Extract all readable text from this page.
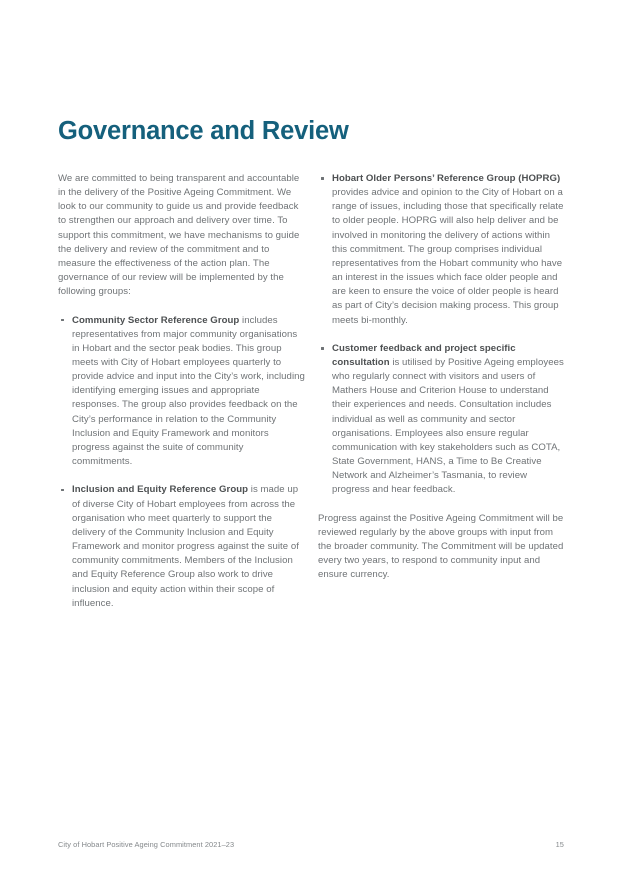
Governance and Review

We are committed to being transparent and accountable in the delivery of the Positive Ageing Commitment. We look to our community to guide us and provide feedback to strengthen our approach and delivery over time. To support this commitment, we have mechanisms to guide the delivery and review of the commitment and to measure the effectiveness of the action plan. The governance of our review will be implemented by the following groups:

Community Sector Reference Group includes representatives from major community organisations in Hobart and the sector peak bodies. This group meets with City of Hobart employees quarterly to provide advice and input into the City’s work, including identifying emerging issues and appropriate responses. The group also provides feedback on the City’s performance in relation to the Community Inclusion and Equity Framework and monitors progress against the suite of community commitments.
Inclusion and Equity Reference Group is made up of diverse City of Hobart employees from across the organisation who meet quarterly to support the delivery of the Community Inclusion and Equity Framework and monitor progress against the suite of community commitments. Members of the Inclusion and Equity Reference Group also work to drive inclusion and equity action within their scope of influence.
Hobart Older Persons’ Reference Group (HOPRG) provides advice and opinion to the City of Hobart on a range of issues, including those that specifically relate to older people. HOPRG will also help deliver and be involved in monitoring the delivery of actions within this commitment. The group comprises individual representatives from the Hobart community who have an interest in the issues which face older people and are keen to ensure the voice of older people is heard as part of City’s decision making process. This group meets bi-monthly.
Customer feedback and project specific consultation is utilised by Positive Ageing employees who regularly connect with visitors and users of Mathers House and Criterion House to understand their experiences and needs. Consultation includes individual as well as community and sector organisations. Employees also ensure regular communication with key stakeholders such as COTA, State Government, HANS, a Time to Be Creative Network and Alzheimer’s Tasmania, to review progress and hear feedback.

Progress against the Positive Ageing Commitment will be reviewed regularly by the above groups with input from the broader community. The Commitment will be updated every two years, to respond to community input and ensure currency.

City of Hobart Positive Ageing Commitment 2021–23	15
